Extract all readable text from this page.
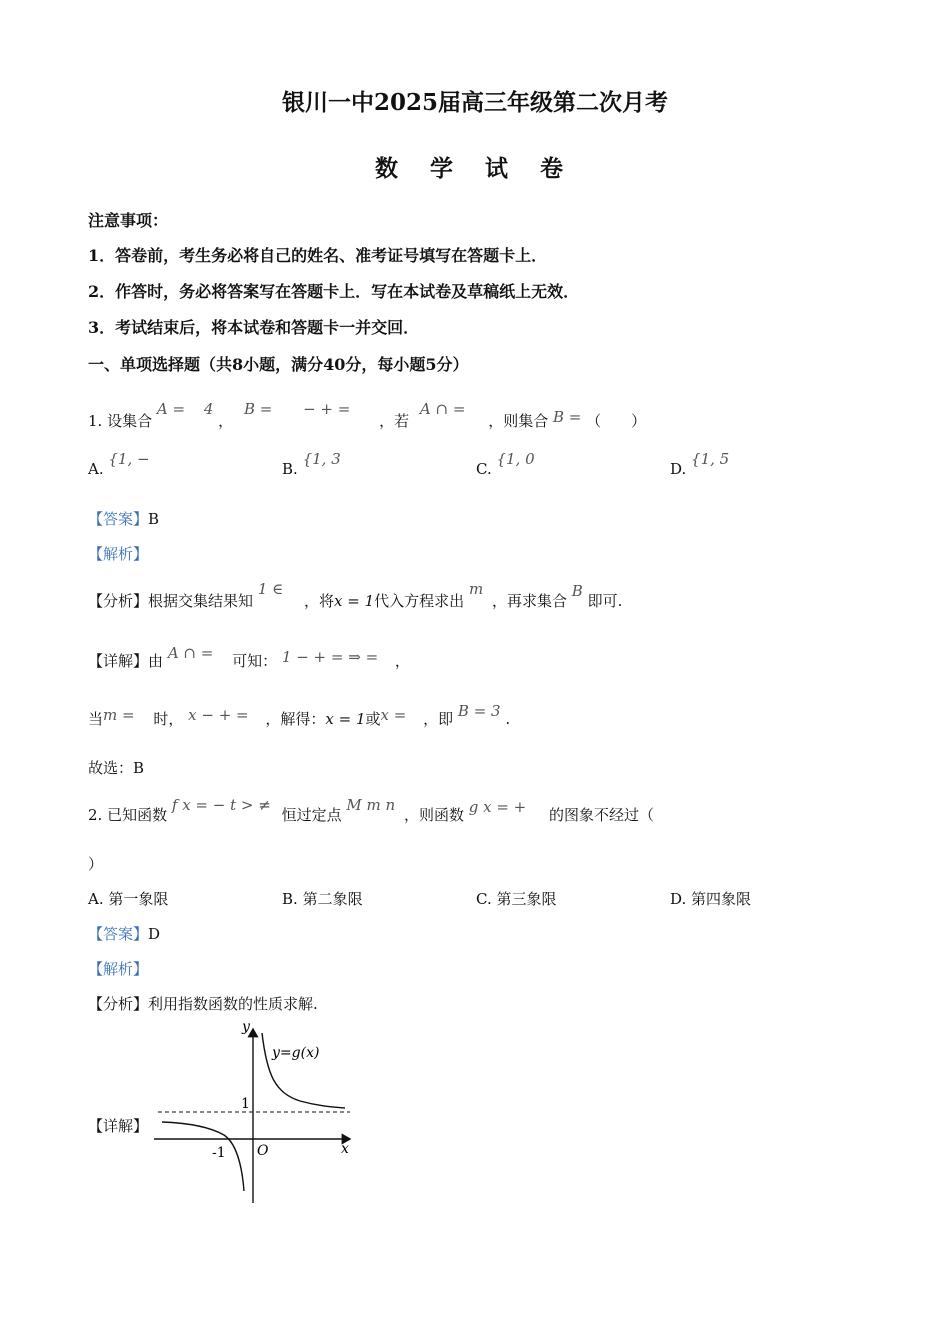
银川一中2025届高三年级第二次月考
数 学 试 卷
注意事项：
1．答卷前，考生务必将自己的姓名、准考证号填写在答题卡上．
2．作答时，务必将答案写在答题卡上．写在本试卷及草稿纸上无效．
3．考试结束后，将本试卷和答题卡一并交回．
一、单项选择题（共8小题，满分40分，每小题5分）
1. 设集合 A = 4 ， B = − + = ，若 A ∩ = ，则集合 B = （　　）
A. {1, −
B. {1, 3
C. {1, 0
D. {1, 5
【答案】B
【解析】
【分析】根据交集结果知 1 ∈ ，将x = 1代入方程求出 m ，再求集合 B 即可.
【详解】由 A ∩ = 可知： 1 − + = ⇒ = ，
当m = 时， x − + = ，解得：x = 1或x = ，即 B = 3 .
故选：B
2. 已知函数 f x = − t > ≠ 恒过定点 M m n ，则函数 g x = + 的图象不经过（
）
A. 第一象限	B. 第二象限	C. 第三象限	D. 第四象限
【答案】D
【解析】
【分析】利用指数函数的性质求解.
【详解】
y
x
O
y=g(x)
1
-1
